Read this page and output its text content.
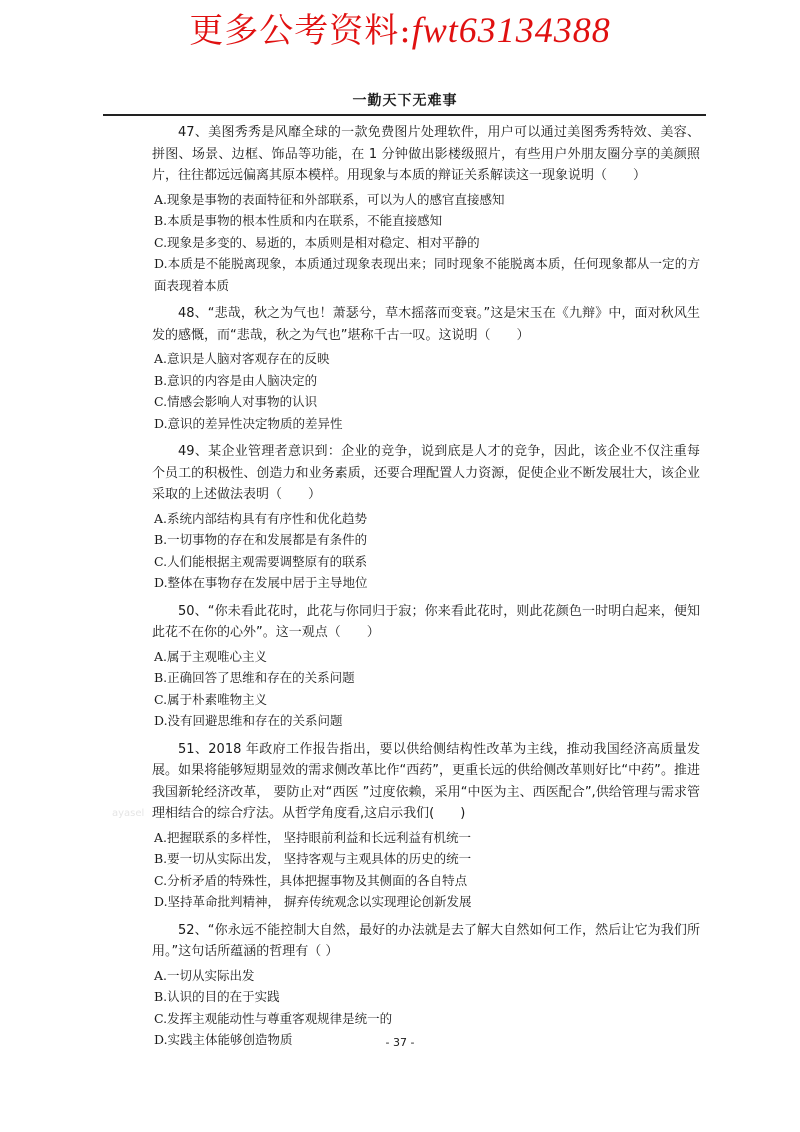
更多公考资料:fwt63134388
一勤天下无难事
ayasel

47、美图秀秀是风靡全球的一款免费图片处理软件，用户可以通过美图秀秀特效、美容、拼图、场景、边框、饰品等功能，在 1 分钟做出影楼级照片，有些用户外朋友圈分享的美颜照片，往往都远远偏离其原本模样。用现象与本质的辩证关系解读这一现象说明（　　）

A.现象是事物的表面特征和外部联系，可以为人的感官直接感知

B.本质是事物的根本性质和内在联系，不能直接感知

C.现象是多变的、易逝的，本质则是相对稳定、相对平静的

D.本质是不能脱离现象，本质通过现象表现出来；同时现象不能脱离本质，任何现象都从一定的方面表现着本质

48、“悲哉，秋之为气也！萧瑟兮，草木摇落而变衰。”这是宋玉在《九辩》中，面对秋风生发的感慨，而“悲哉，秋之为气也”堪称千古一叹。这说明（　　）

A.意识是人脑对客观存在的反映

B.意识的内容是由人脑决定的

C.情感会影响人对事物的认识

D.意识的差异性决定物质的差异性

49、某企业管理者意识到：企业的竞争，说到底是人才的竞争，因此，该企业不仅注重每个员工的积极性、创造力和业务素质，还要合理配置人力资源，促使企业不断发展壮大，该企业采取的上述做法表明（　　）

A.系统内部结构具有有序性和优化趋势

B.一切事物的存在和发展都是有条件的

C.人们能根据主观需要调整原有的联系

D.整体在事物存在发展中居于主导地位

50、“你未看此花时，此花与你同归于寂；你来看此花时，则此花颜色一时明白起来，便知此花不在你的心外”。这一观点（　　）

A.属于主观唯心主义

B.正确回答了思维和存在的关系问题

C.属于朴素唯物主义

D.没有回避思维和存在的关系问题

51、2018 年政府工作报告指出，要以供给侧结构性改革为主线，推动我国经济高质量发展。如果将能够短期显效的需求侧改革比作“西药”，更重长远的供给侧改革则好比“中药”。推进我国新轮经济改革， 要防止对“西医 ”过度依赖，采用“中医为主、西医配合”,供给管理与需求管理相结合的综合疗法。从哲学角度看,这启示我们(　　)

A.把握联系的多样性， 坚持眼前利益和长远利益有机统一

B.要一切从实际出发， 坚持客观与主观具体的历史的统一

C.分析矛盾的特殊性，具体把握事物及其侧面的各自特点

D.坚持革命批判精神， 摒弃传统观念以实现理论创新发展

52、“你永远不能控制大自然，最好的办法就是去了解大自然如何工作，然后让它为我们所用。”这句话所蕴涵的哲理有（ ）

A.一切从实际出发

B.认识的目的在于实践

C.发挥主观能动性与尊重客观规律是统一的

D.实践主体能够创造物质	- 37 -
